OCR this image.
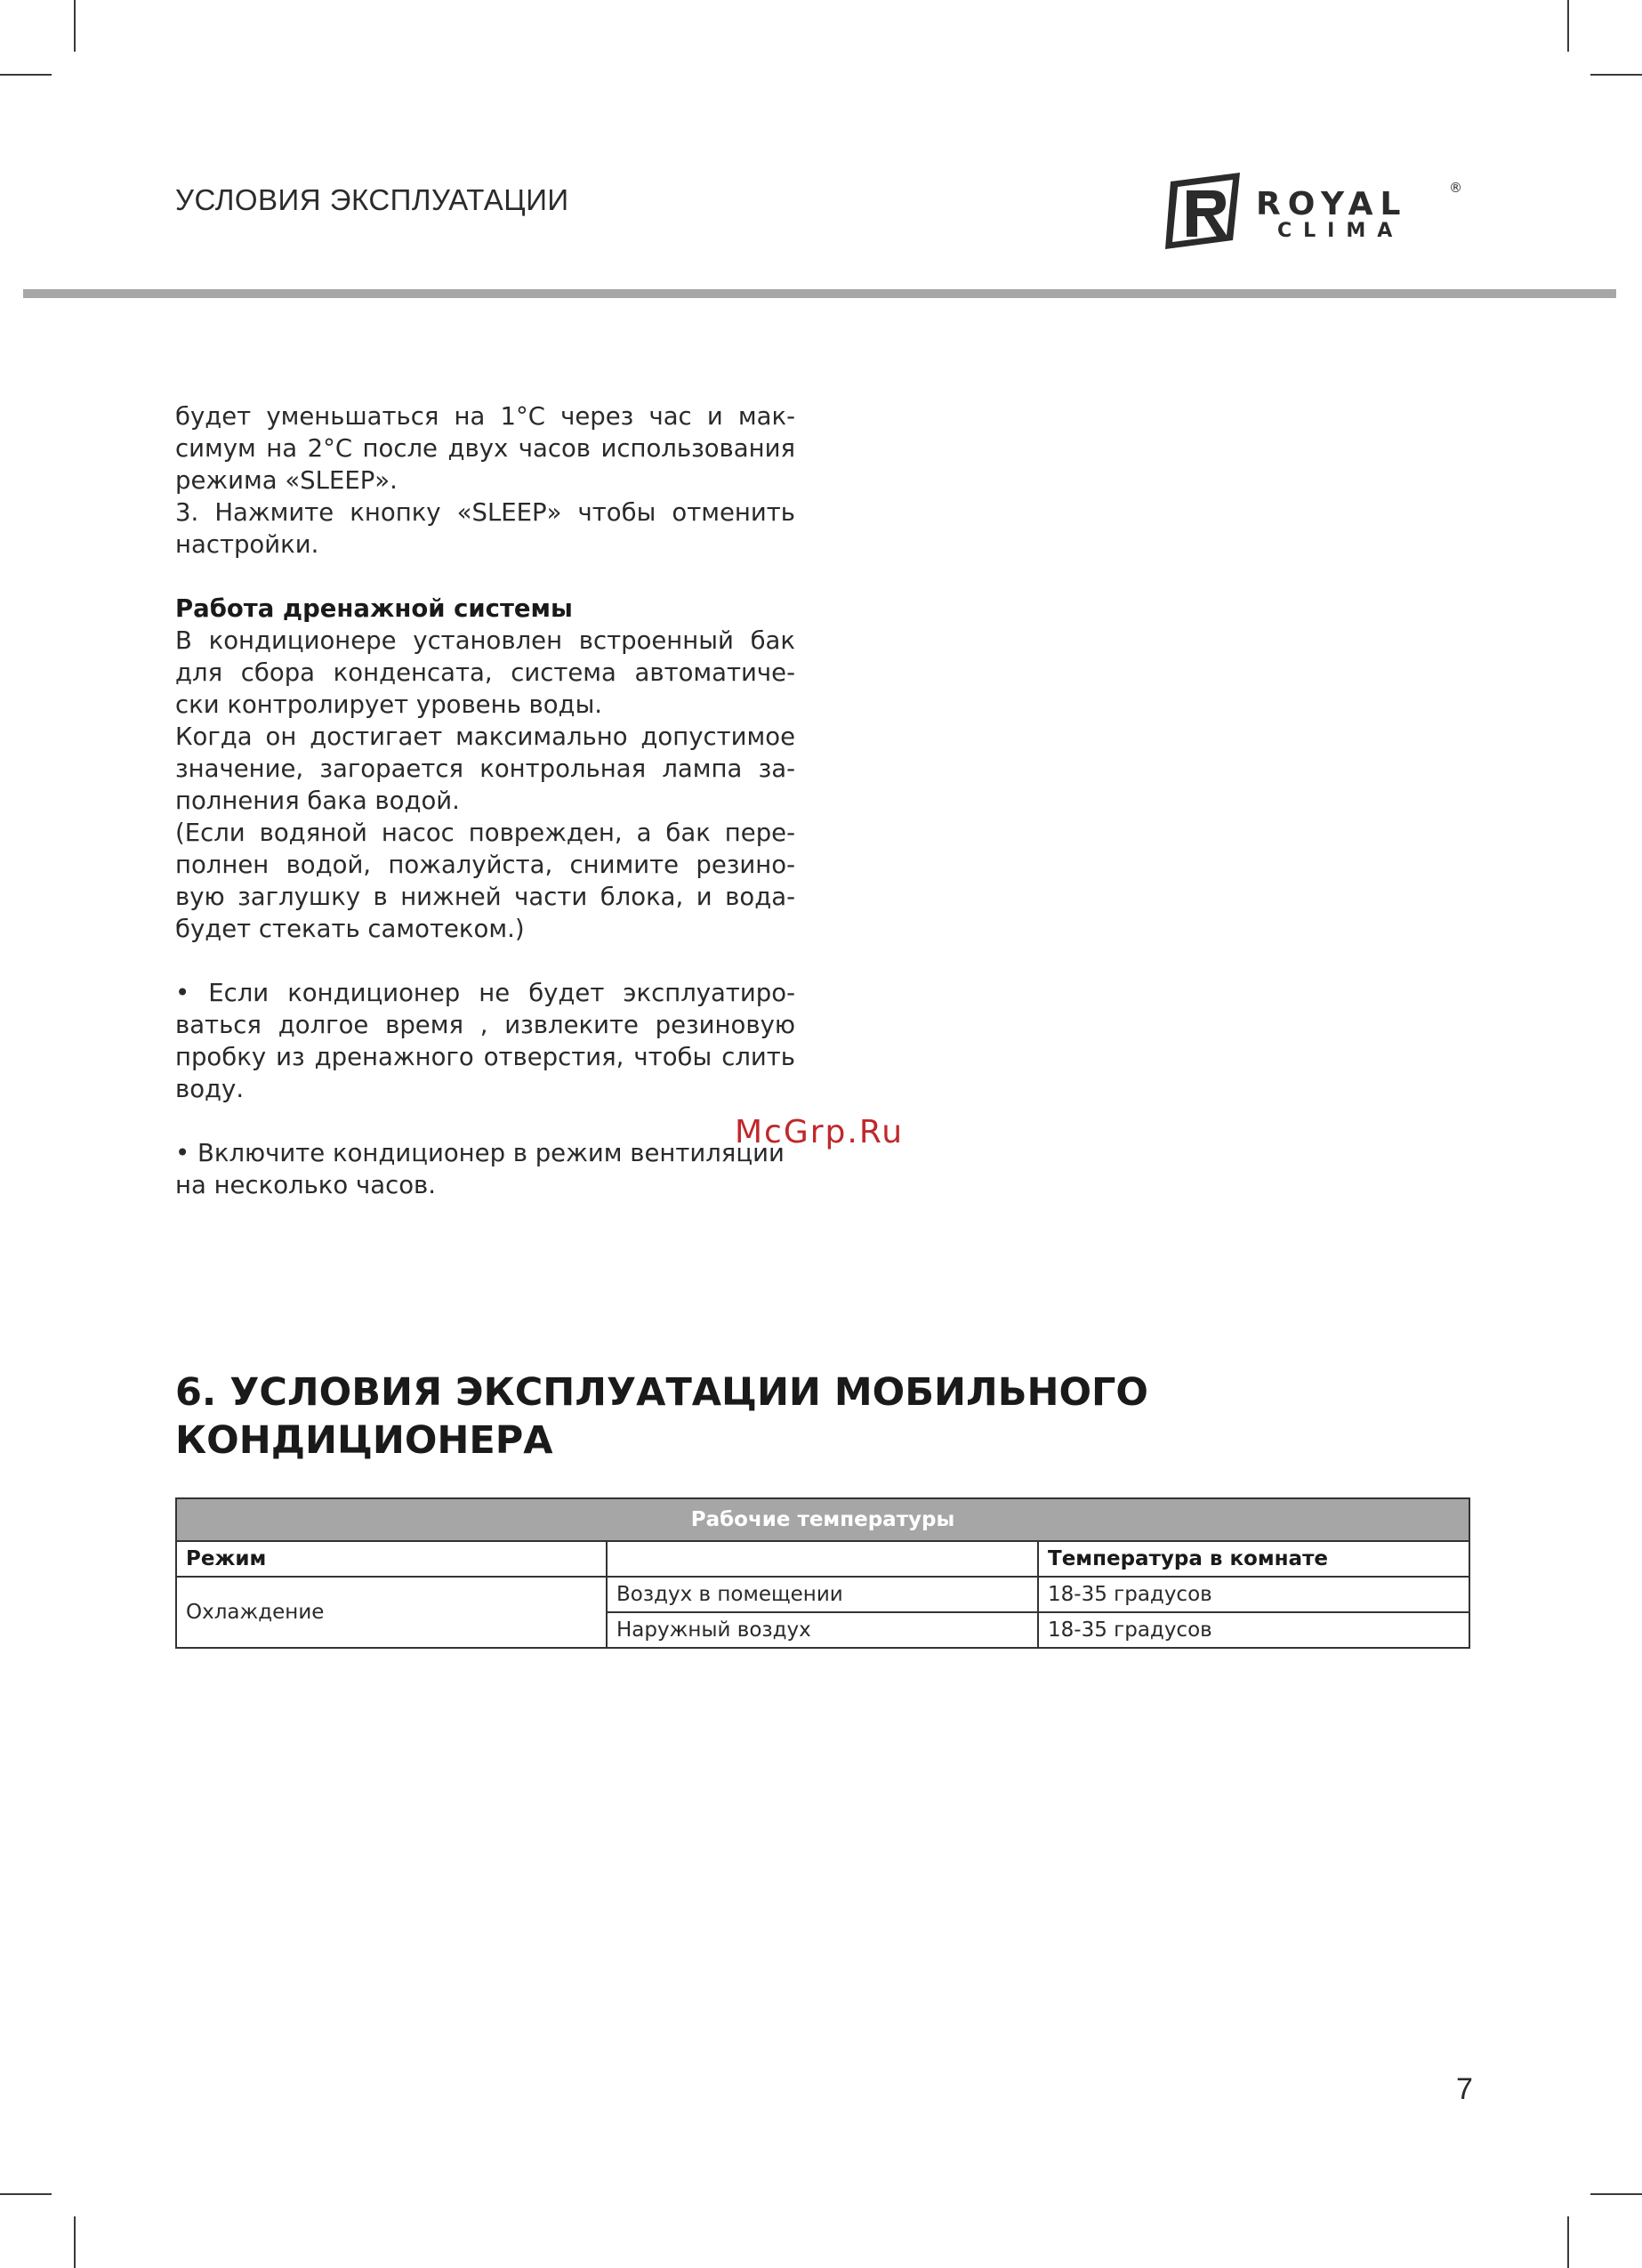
УСЛОВИЯ ЭКСПЛУАТАЦИИ	ROYAL	®
CLIMA

будет уменьшаться на 1°С через час и мак-симум на 2°С после двух часов использования режима «SLEEP».

3. Нажмите кнопку «SLEEP» чтобы отменить настройки.

Работа дренажной системы

В кондиционере установлен встроенный бак для сбора конденсата, система автоматиче-ски контролирует уровень воды.

Когда он достигает максимально допустимое значение, загорается контрольная лампа за-полнения бака водой.

(Если водяной насос поврежден, а бак пере-полнен водой, пожалуйста, снимите резино-вую заглушку в нижней части блока, и вода-будет стекать самотеком.)

• Если кондиционер не будет эксплуатиро-ваться долгое время , извлеките резиновую пробку из дренажного отверстия, чтобы слить воду.

• Включите кондиционер в режим вентиляции на несколько часов.

McGrp.Ru
6. УСЛОВИЯ ЭКСПЛУАТАЦИИ МОБИЛЬНОГО
КОНДИЦИОНЕРА
Рабочие температуры		
Режим		Температура в комнате
Охлаждение	Воздух в помещении	18-35 градусов
	Наружный воздух	18-35 градусов
7
